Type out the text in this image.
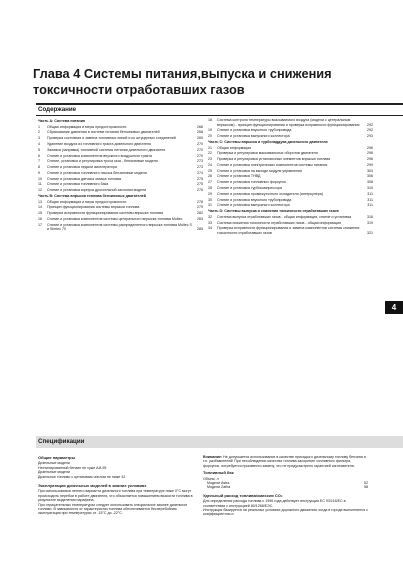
Глава 4 Системы питания,выпуска и снижения токсичности отработавших газов
Содержание
Часть А: Система питания
1	Общая информация и меры предосторожности	266
2	Сбрасывание давления в системе питания бензиновых двигателей	268
3	Проверка состояния и замена топливных линий и их штуцерных соединений	269
4	Удаление воздуха из топливного тракта дизельного двигателя	270
5	Заливка (заправка) топливной системы питания дизельного двигателя	270
6	Снятие и установка компонентов впускного воздушного тракта	270
7	Снятие, установка и регулировка троса газа - бензиновые модели	273
8	Снятие и установка педали акселератора	273
9	Снятие и установка топливного насоса бензиновые модели	274
10	Снятие и установка датчика запаса топлива	275
11	Снятие и установка топливного бака	275
12	Снятие и установка корпуса дроссельной заслонки модели	276
Часть B: Система впрыска топлива бензиновых двигателей
13	Общая информация и меры предосторожности	278
14	Принцип функционирования системы впрыска топлива	279
15	Проверка исправности функционирования системы впрыска топлива	282
16	Снятие и установка компонентов системы центрального впрыска топлива Multec	283
17	Снятие и установка компонентов системы распределенного впрыска топлива Multec S и Simtec 70	285
18	Система контроля температуры всасываемого воздуха (модели с центральным впрыском) - принцип функционирования и проверка исправности функционирования	292
19	Снятие и установка впускного трубопровода	292
20	Снятие и установка выпускного коллектора	293
Часть C: Системы впрыска и турбонаддува дизельного двигателя
21	Общая информация	296
22	Проверка и регулировка максимальных оборотов двигателя	296
23	Проверка и регулировка установочных элементов впрыска топлива	296
24	Снятие и установка электрических компонентов системы питания	299
25	Снятие и установка на выходе модуля управления	303
26	Снятие и установка ТНВД	306
27	Снятие и установка топливных форсунок	308
28	Снятие и установка турбокомпрессора	310
29	Снятие и установка промежуточного охладителя (интеркулера)	311
30	Снятие и установка впускного трубопровода	311
31	Снятие и установка выпускного коллектора	311
Часть D: Системы выпуска и снижения токсичности отработавших газов
32	Система выпуска отработавших газов - общая информация, снятие и установка	316
33	Система снижения токсичности отработавших газов - общая информация	319
34	Проверка исправности функционирования и замена компонентов системы снижения токсичности отработавших газов	321
4
Спецификации
Общие параметры
Дизельные модели
Неэтилированный бензин не хуже АИ-95
Дизельные модели
Дизельное топливо с цетановым числом не ниже 42
Эксплуатация дизельных моделей в зимних условиях
При использовании летнего варианта дизельного топлива при температуре ниже 0°С могут происходить перебои в работе двигателя, что объясняется повышением вязкости топлива в результате выделения парафина.
При отрицательных температурах следует использовать специальное зимнее дизельное топливо. В зависимости от характеристик топлива обеспечивается бесперебойная эксплуатация при температурах от -15°С до -22°С.
Внимание: Не допускается использование в качестве присадок к дизельному топливу бензина и т.п. разбавителей! При несоблюдении качества топлива засорение топливного фильтра, форсунок, потребуется произвести замену, что не предусмотрено гарантией изготовителя.
Топливный бак
Объем, л
Модели Astra	52
Модели Zafira	58
Удельный расход топлива/эмиссия CO₂
Для определения расхода топлива с 1996 года действует инструкция ЕС 93/116/ЕС в соответствии с инструкцией 80/1268/ЕЭС.
Инструкция базируется на реальных условиях дорожного движения, когда в городе выполняется с коэффициентом и
